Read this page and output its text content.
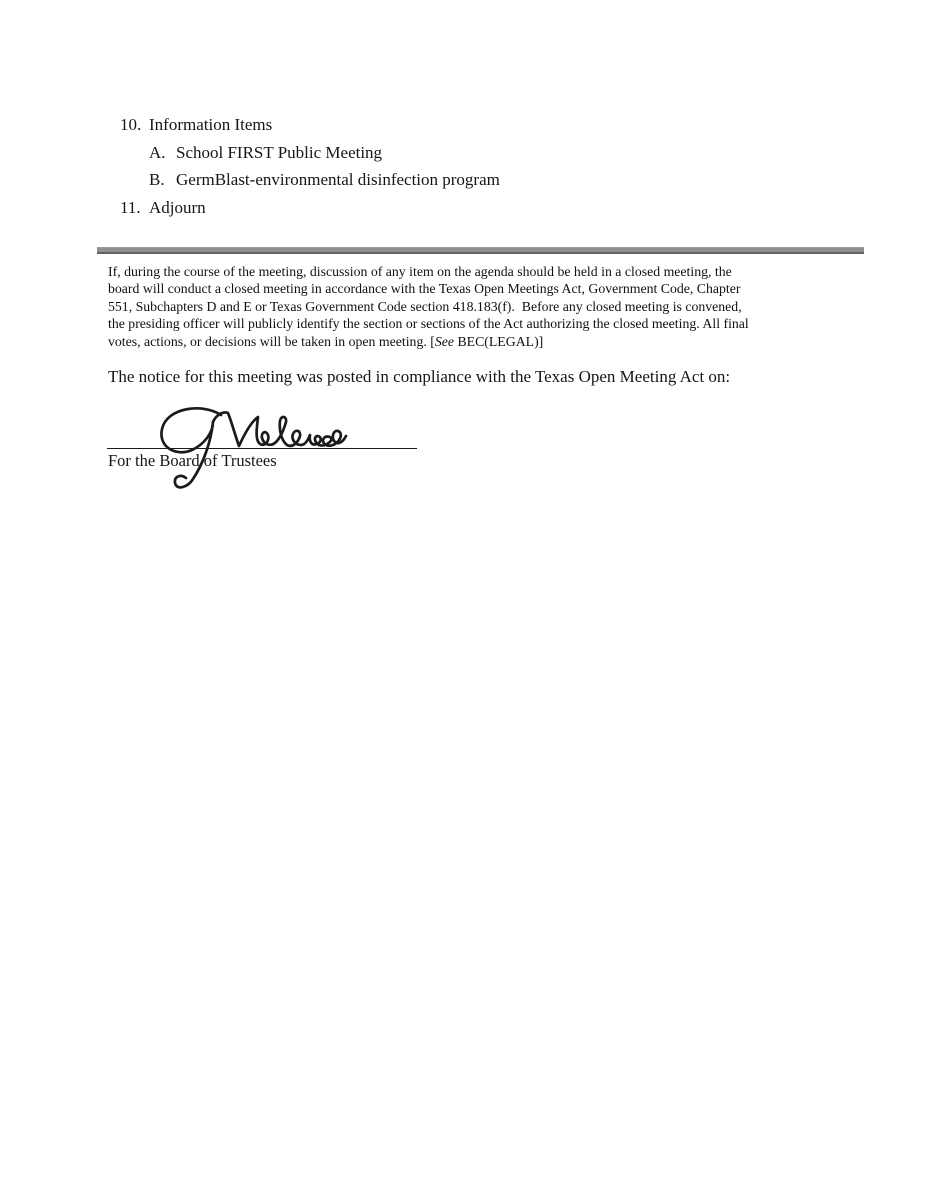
10. Information Items
A. School FIRST Public Meeting
B. GermBlast-environmental disinfection program
11. Adjourn
If, during the course of the meeting, discussion of any item on the agenda should be held in a closed meeting, the
board will conduct a closed meeting in accordance with the Texas Open Meetings Act, Government Code, Chapter
551, Subchapters D and E or Texas Government Code section 418.183(f).  Before any closed meeting is convened,
the presiding officer will publicly identify the section or sections of the Act authorizing the closed meeting. All final
votes, actions, or decisions will be taken in open meeting. [See BEC(LEGAL)]
The notice for this meeting was posted in compliance with the Texas Open Meeting Act on:
For the Board of Trustees
